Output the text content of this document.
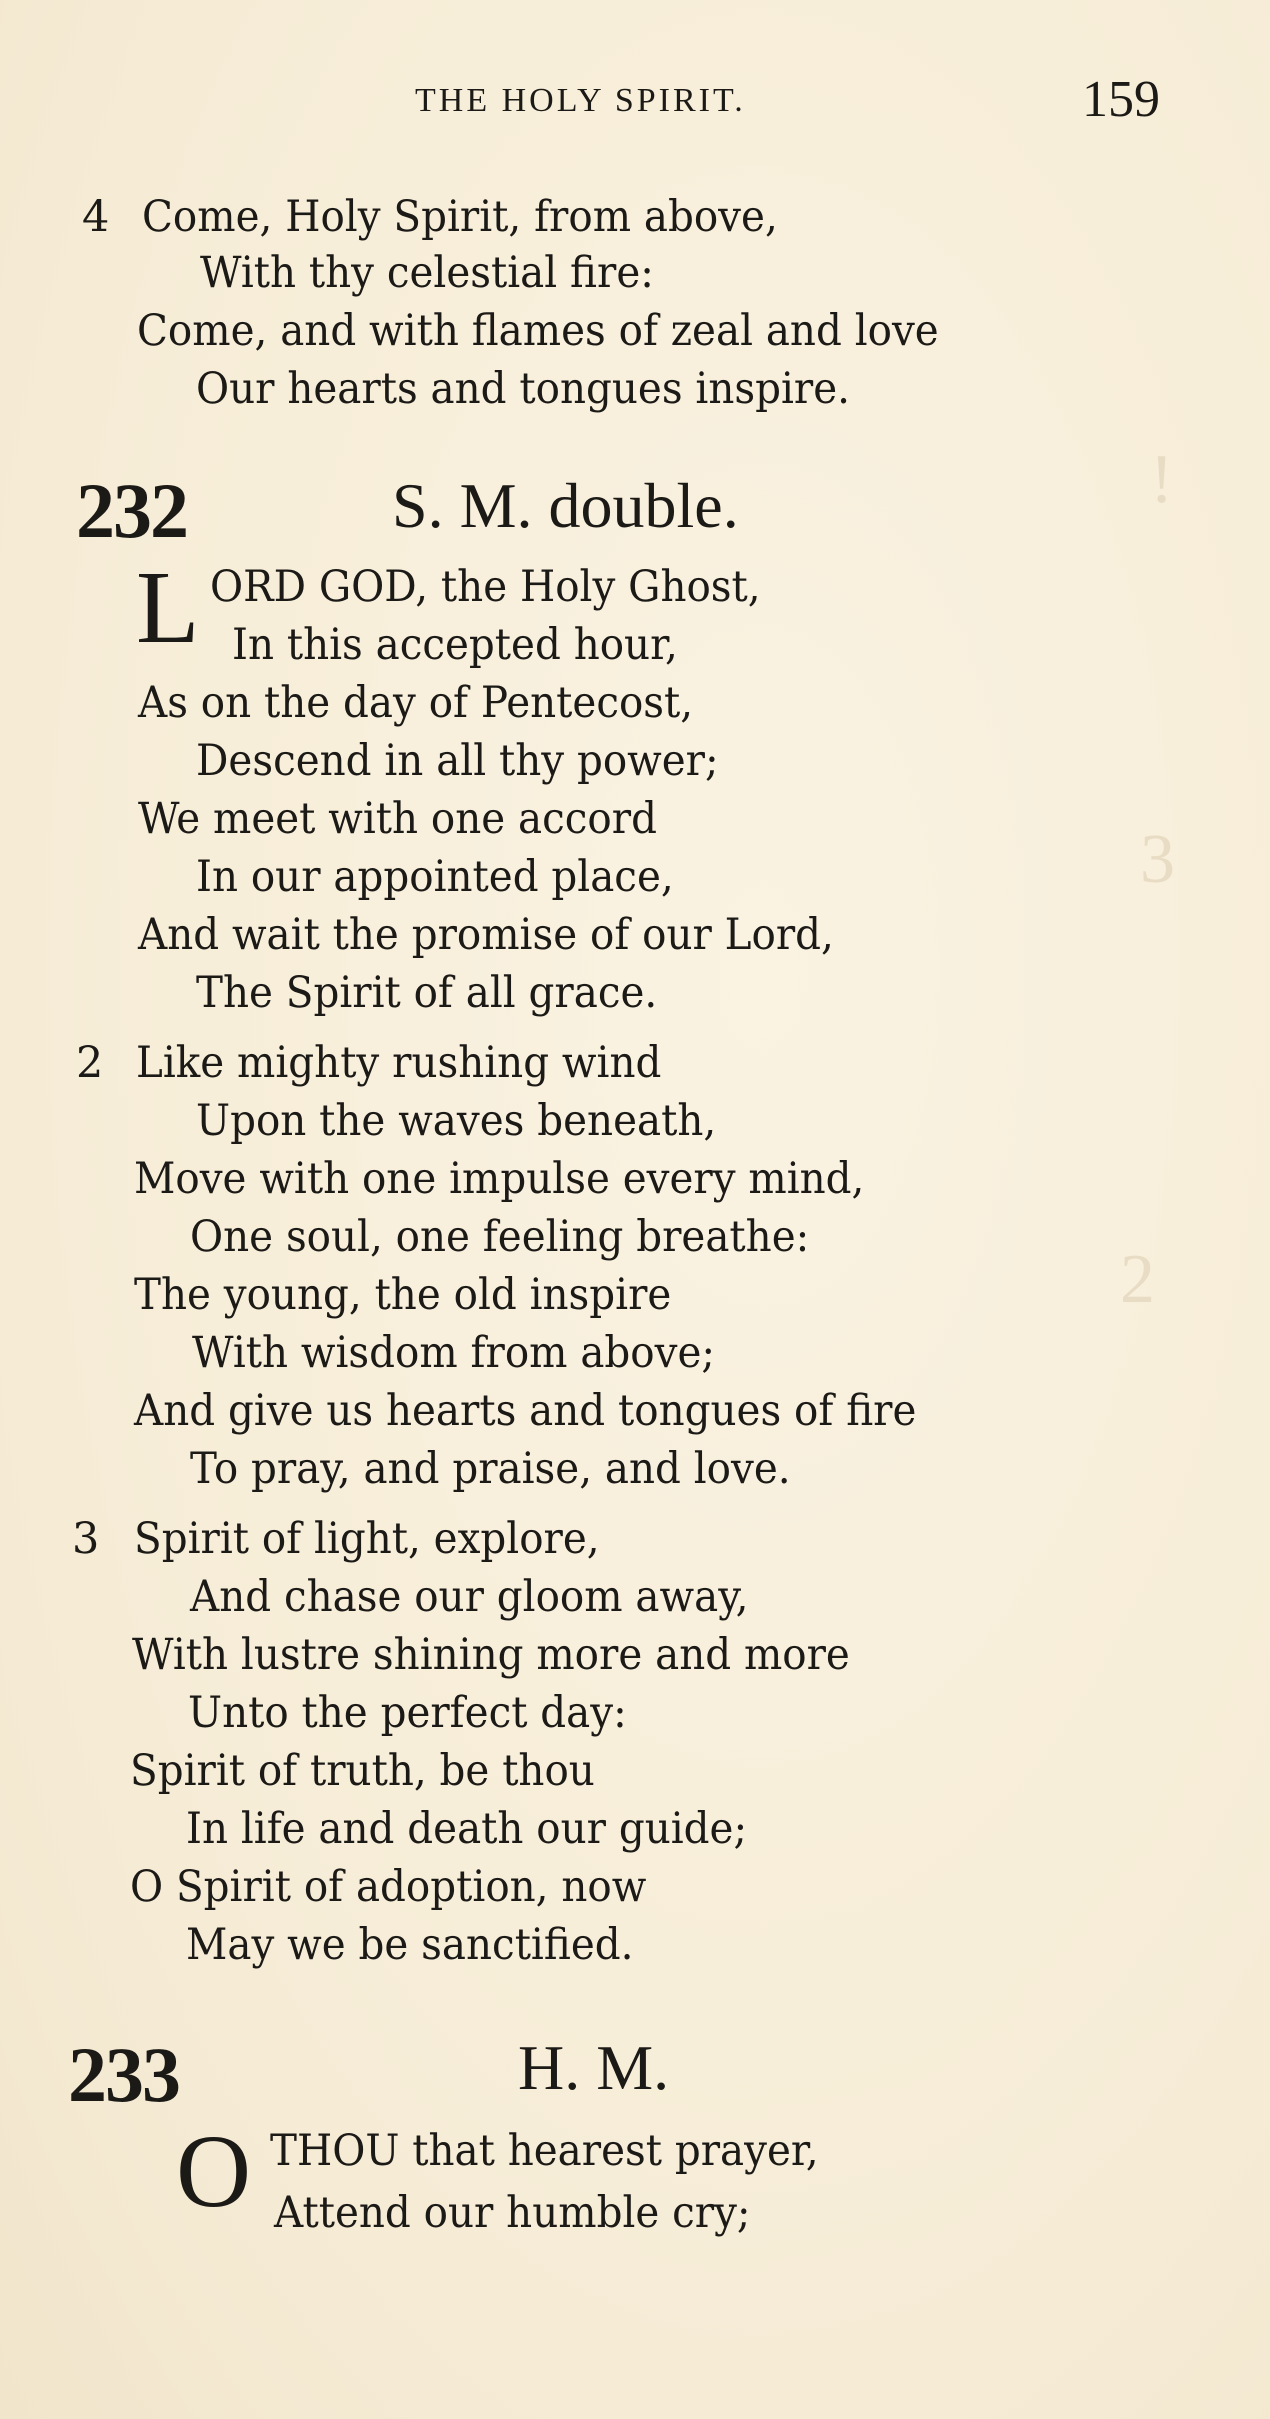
!
3
2
THE HOLY SPIRIT.	159
4 Come, Holy Spirit, from above,
With thy celestial fire:
Come, and with flames of zeal and love
Our hearts and tongues inspire.
232	S. M. double.
L ORD GOD, the Holy Ghost,
In this accepted hour,
As on the day of Pentecost,
Descend in all thy power;
We meet with one accord
In our appointed place,
And wait the promise of our Lord,
The Spirit of all grace.
2 Like mighty rushing wind
Upon the waves beneath,
Move with one impulse every mind,
One soul, one feeling breathe:
The young, the old inspire
With wisdom from above;
And give us hearts and tongues of fire
To pray, and praise, and love.
3 Spirit of light, explore,
And chase our gloom away,
With lustre shining more and more
Unto the perfect day:
Spirit of truth, be thou
In life and death our guide;
O Spirit of adoption, now
May we be sanctified.
233	H. M.
O THOU that hearest prayer,
Attend our humble cry;
